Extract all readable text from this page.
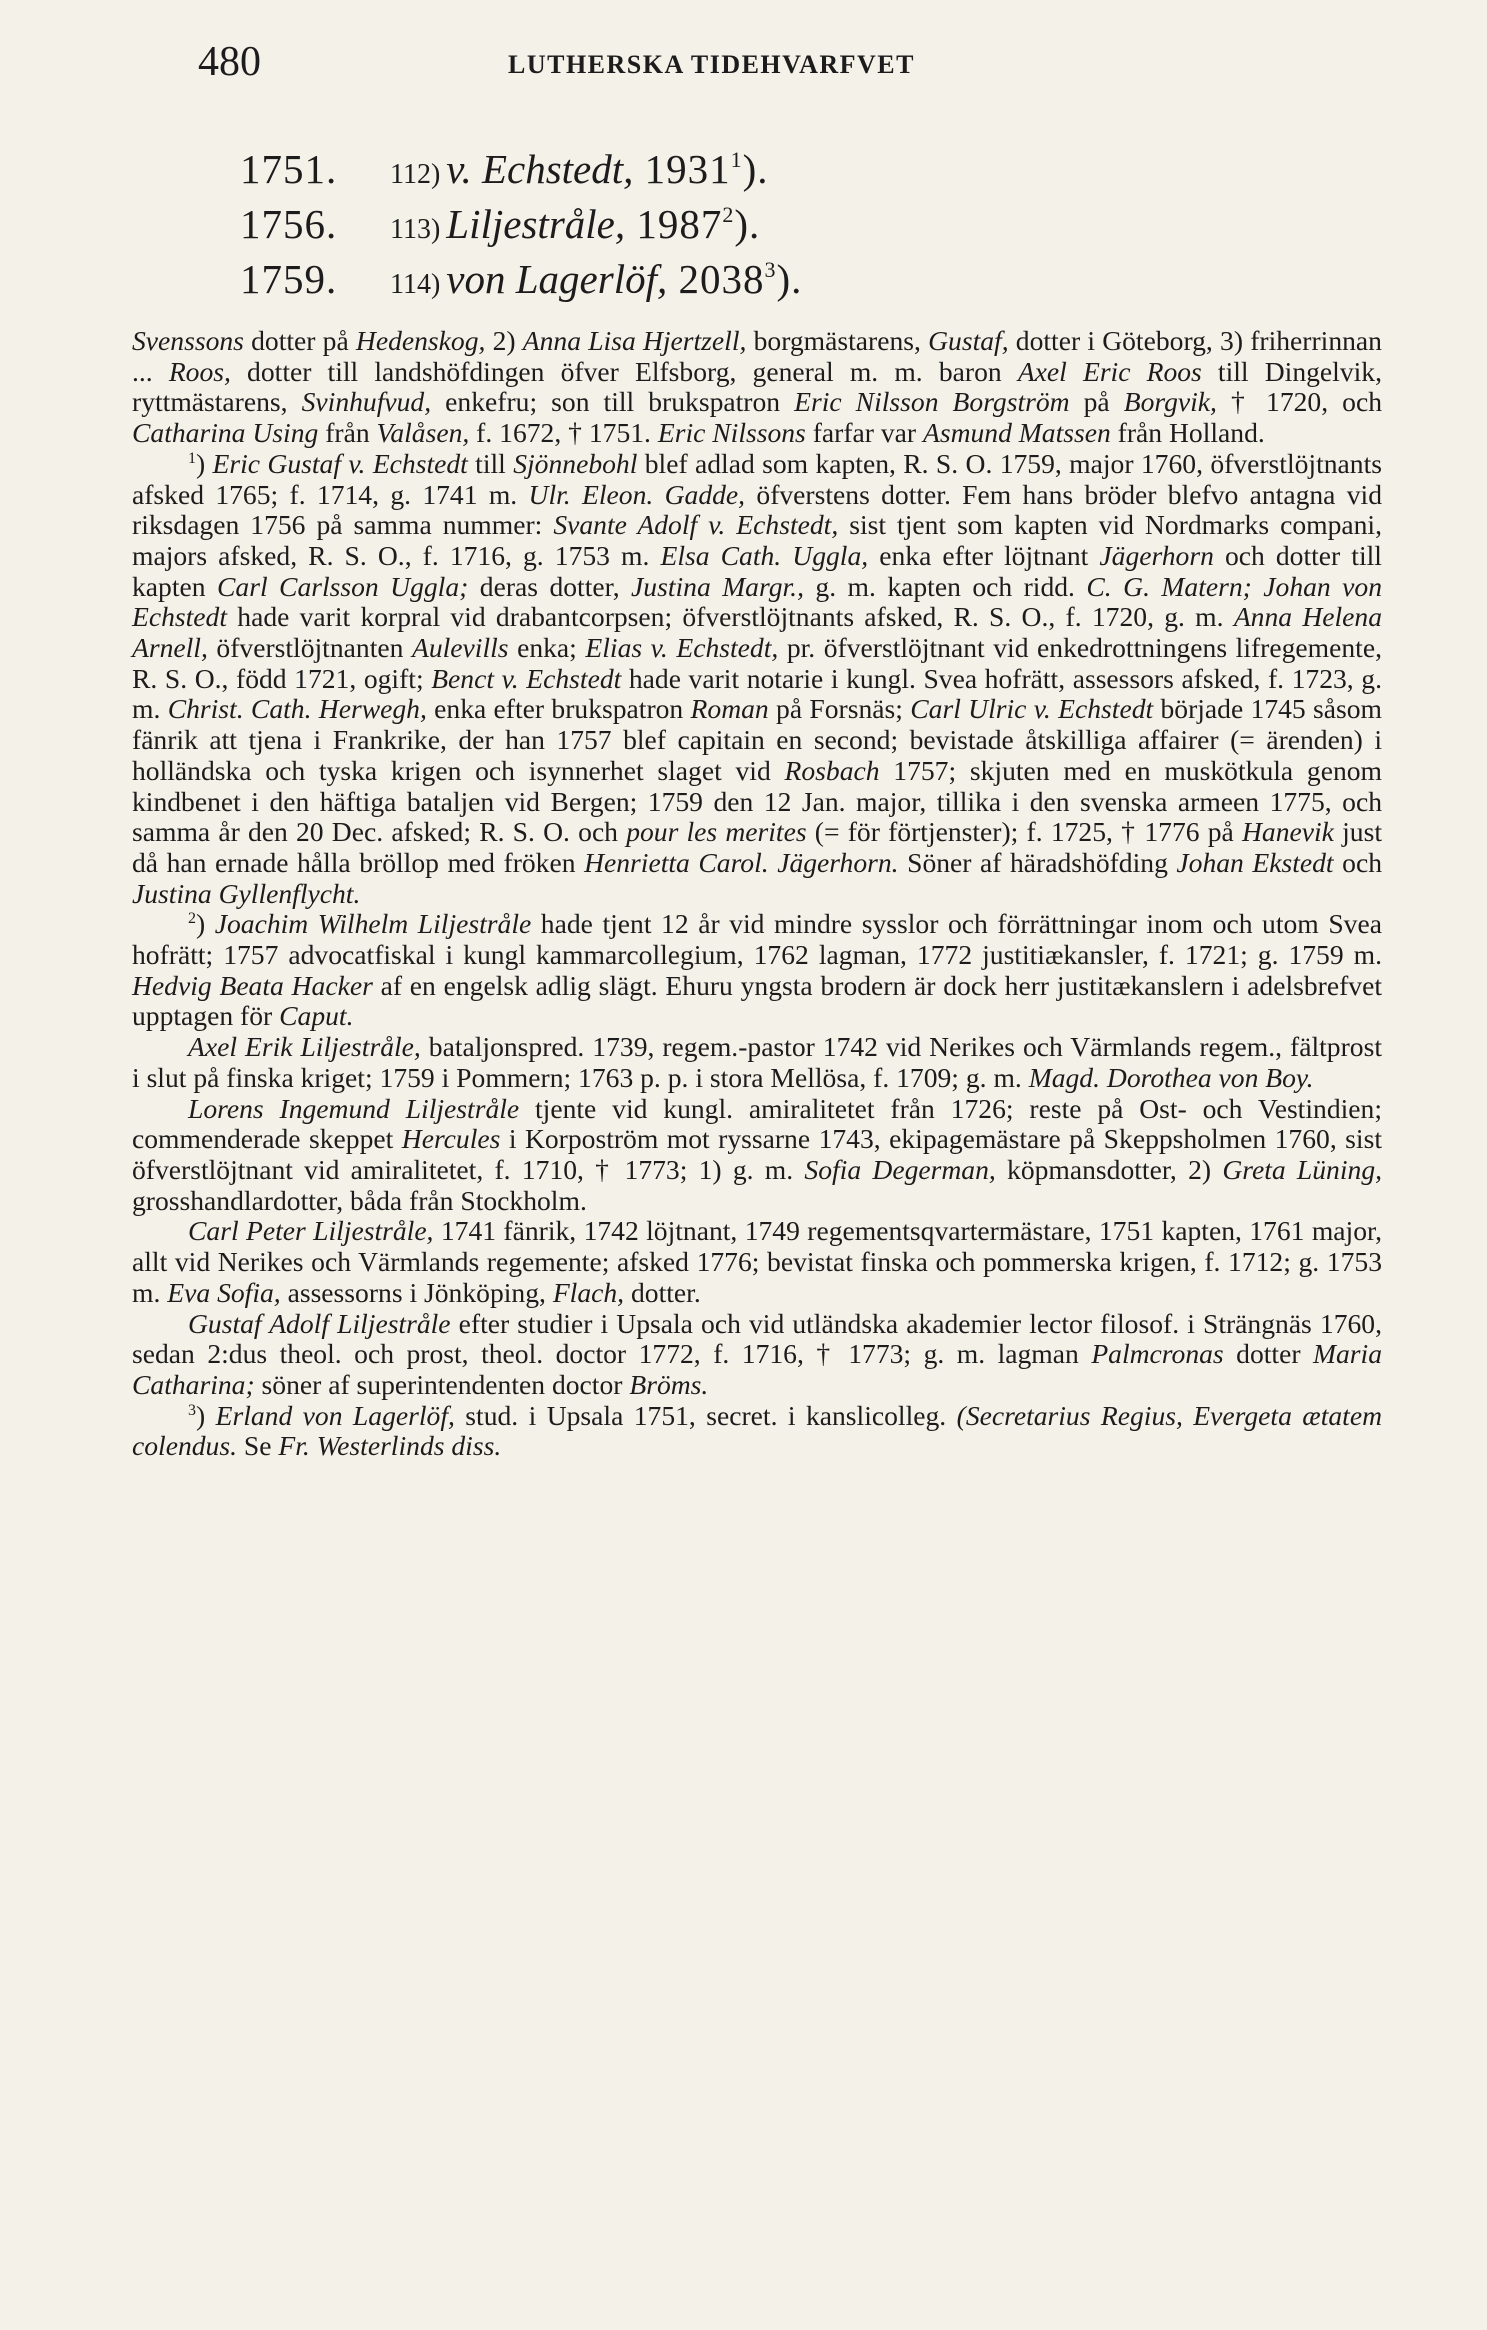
480	LUTHERSKA TIDEHVARFVET
1751. 112) v. Echstedt, 1931$^1$).
1756. 113) Liljestråle, 1987$^2$).
1759. 114) von Lagerlöf, 2038$^3$).

Svenssons dotter på Hedenskog, 2) Anna Lisa Hjertzell, borgmästarens, Gustaf, dotter i Göteborg, 3) friherrinnan ... Roos, dotter till landshöfdingen öfver Elfsborg, general m. m. baron Axel Eric Roos till Dingelvik, ryttmästarens, Svinhufvud, enkefru; son till brukspatron Eric Nilsson Borgström på Borgvik, † 1720, och Catharina Using från Valåsen, f. 1672, † 1751. Eric Nilssons farfar var Asmund Matssen från Holland.

$^1$) Eric Gustaf v. Echstedt till Sjönnebohl blef adlad som kapten, R. S. O. 1759, major 1760, öfverstlöjtnants afsked 1765; f. 1714, g. 1741 m. Ulr. Eleon. Gadde, öfverstens dotter. Fem hans bröder blefvo antagna vid riksdagen 1756 på samma nummer: Svante Adolf v. Echstedt, sist tjent som kapten vid Nordmarks compani, majors afsked, R. S. O., f. 1716, g. 1753 m. Elsa Cath. Uggla, enka efter löjtnant Jägerhorn och dotter till kapten Carl Carlsson Uggla; deras dotter, Justina Margr., g. m. kapten och ridd. C. G. Matern; Johan von Echstedt hade varit korpral vid drabantcorpsen; öfverstlöjtnants afsked, R. S. O., f. 1720, g. m. Anna Helena Arnell, öfverstlöjtnanten Aulevills enka; Elias v. Echstedt, pr. öfverstlöjtnant vid enkedrottningens lifregemente, R. S. O., född 1721, ogift; Benct v. Echstedt hade varit notarie i kungl. Svea hofrätt, assessors afsked, f. 1723, g. m. Christ. Cath. Herwegh, enka efter brukspatron Roman på Forsnäs; Carl Ulric v. Echstedt började 1745 såsom fänrik att tjena i Frankrike, der han 1757 blef capitain en second; bevistade åtskilliga affairer (= ärenden) i holländska och tyska krigen och isynnerhet slaget vid Rosbach 1757; skjuten med en muskötkula genom kindbenet i den häftiga bataljen vid Bergen; 1759 den 12 Jan. major, tillika i den svenska armeen 1775, och samma år den 20 Dec. afsked; R. S. O. och pour les merites (= för förtjenster); f. 1725, † 1776 på Hanevik just då han ernade hålla bröllop med fröken Henrietta Carol. Jägerhorn. Söner af häradshöfding Johan Ekstedt och Justina Gyllenflycht.

$^2$) Joachim Wilhelm Liljestråle hade tjent 12 år vid mindre sysslor och förrättningar inom och utom Svea hofrätt; 1757 advocatfiskal i kungl kammarcollegium, 1762 lagman, 1772 justitiækansler, f. 1721; g. 1759 m. Hedvig Beata Hacker af en engelsk adlig slägt. Ehuru yngsta brodern är dock herr justitækanslern i adelsbrefvet upptagen för Caput.

Axel Erik Liljestråle, bataljonspred. 1739, regem.-pastor 1742 vid Nerikes och Värmlands regem., fältprost i slut på finska kriget; 1759 i Pommern; 1763 p. p. i stora Mellösa, f. 1709; g. m. Magd. Dorothea von Boy.

Lorens Ingemund Liljestråle tjente vid kungl. amiralitetet från 1726; reste på Ost- och Vestindien; commenderade skeppet Hercules i Korpoström mot ryssarne 1743, ekipagemästare på Skeppsholmen 1760, sist öfverstlöjtnant vid amiralitetet, f. 1710, † 1773; 1) g. m. Sofia Degerman, köpmansdotter, 2) Greta Lüning, grosshandlardotter, båda från Stockholm.

Carl Peter Liljestråle, 1741 fänrik, 1742 löjtnant, 1749 regementsqvartermästare, 1751 kapten, 1761 major, allt vid Nerikes och Värmlands regemente; afsked 1776; bevistat finska och pommerska krigen, f. 1712; g. 1753 m. Eva Sofia, assessorns i Jönköping, Flach, dotter.

Gustaf Adolf Liljestråle efter studier i Upsala och vid utländska akademier lector filosof. i Strängnäs 1760, sedan 2:dus theol. och prost, theol. doctor 1772, f. 1716, † 1773; g. m. lagman Palmcronas dotter Maria Catharina; söner af superintendenten doctor Bröms.

$^3$) Erland von Lagerlöf, stud. i Upsala 1751, secret. i kanslicolleg. (Secretarius Regius, Evergeta ætatem colendus. Se Fr. Westerlinds diss.
